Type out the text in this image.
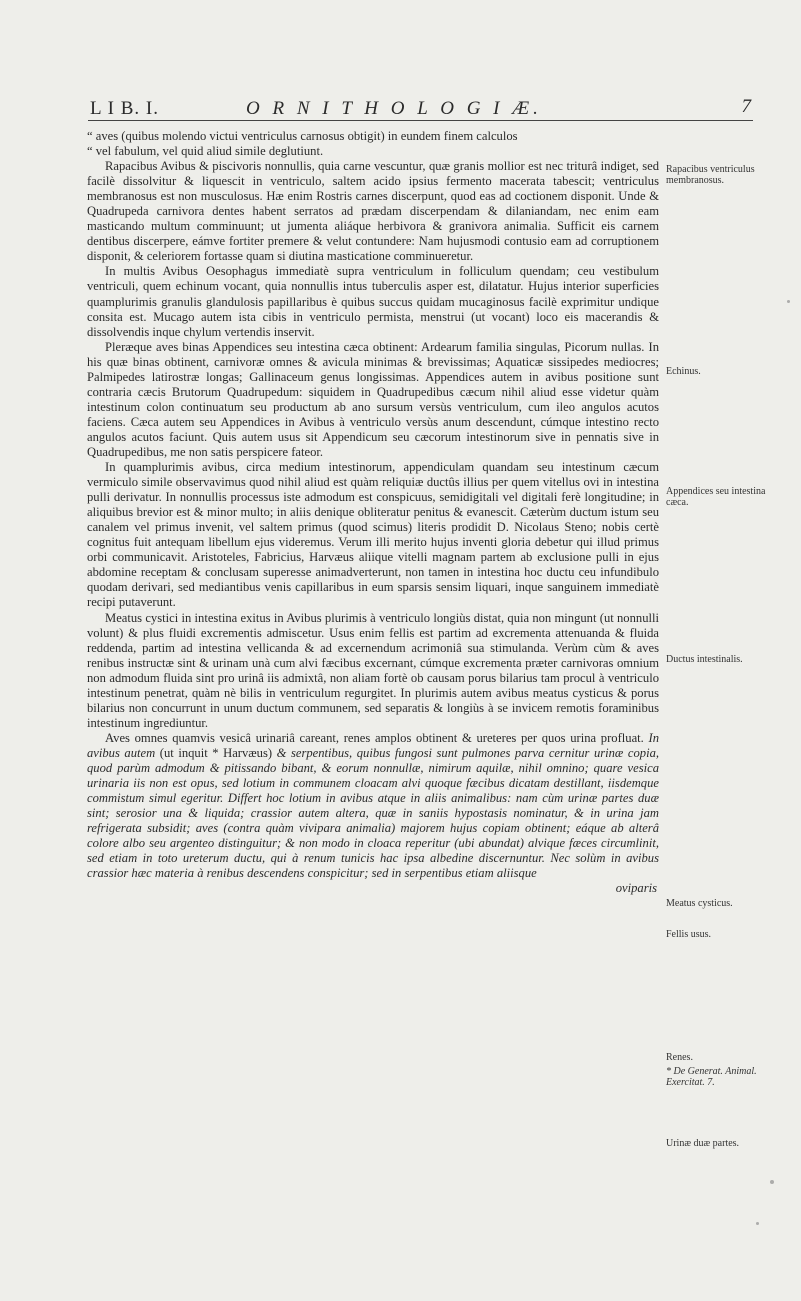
L I B. I.	O R N I T H O L O G I Æ.	7

“ aves (quibus molendo victui ventriculus carnosus obtigit) in eundem finem calculos

“ vel fabulum, vel quid aliud simile deglutiunt.

Rapacibus Avibus & piscivoris nonnullis, quia carne vescuntur, quæ granis mollior est nec triturâ indiget, sed facilè dissolvitur & liquescit in ventriculo, saltem acido ipsius fermento macerata tabescit; ventriculus membranosus est non musculosus. Hæ enim Rostris carnes discerpunt, quod eas ad coctionem disponit. Unde & Quadrupeda carnivora dentes habent serratos ad prædam discerpendam & dilaniandam, nec enim eam masticando multum comminuunt; ut jumenta aliáque herbivora & granivora animalia. Sufficit eis carnem dentibus discerpere, eámve fortiter premere & velut contundere: Nam hujusmodi contusio eam ad corruptionem disponit, & celeriorem fortasse quam si diutina masticatione comminueretur.

In multis Avibus Oesophagus immediatè supra ventriculum in folliculum quendam; ceu vestibulum ventriculi, quem echinum vocant, quia nonnullis intus tuberculis asper est, dilatatur. Hujus interior superficies quamplurimis granulis glandulosis papillaribus è quibus succus quidam mucaginosus facilè exprimitur undique consita est. Mucago autem ista cibis in ventriculo permista, menstrui (ut vocant) loco eis macerandis & dissolvendis inque chylum vertendis inservit.

Pleræque aves binas Appendices seu intestina cæca obtinent: Ardearum familia singulas, Picorum nullas. In his quæ binas obtinent, carnivoræ omnes & avicula minimas & brevissimas; Aquaticæ sissipedes mediocres; Palmipedes latirostræ longas; Gallinaceum genus longissimas. Appendices autem in avibus positione sunt contraria cæcis Brutorum Quadrupedum: siquidem in Quadrupedibus cæcum nihil aliud esse videtur quàm intestinum colon continuatum seu productum ab ano sursum versùs ventriculum, cum ileo angulos acutos faciens. Cæca autem seu Appendices in Avibus à ventriculo versùs anum descendunt, cúmque intestino recto angulos acutos faciunt. Quis autem usus sit Appendicum seu cæcorum intestinorum sive in pennatis sive in Quadrupedibus, me non satis perspicere fateor.

In quamplurimis avibus, circa medium intestinorum, appendiculam quandam seu intestinum cæcum vermiculo simile observavimus quod nihil aliud est quàm reliquiæ ductûs illius per quem vitellus ovi in intestina pulli derivatur. In nonnullis processus iste admodum est conspicuus, semidigitali vel digitali ferè longitudine; in aliquibus brevior est & minor multo; in aliis denique obliteratur penitus & evanescit. Cæterùm ductum istum seu canalem vel primus invenit, vel saltem primus (quod scimus) literis prodidit D. Nicolaus Steno; nobis certè cognitus fuit antequam libellum ejus videremus. Verum illi merito hujus inventi gloria debetur qui illud primus orbi communicavit. Aristoteles, Fabricius, Harvæus aliique vitelli magnam partem ab exclusione pulli in ejus abdomine receptam & conclusam superesse animadverterunt, non tamen in intestina hoc ductu ceu infundibulo quodam derivari, sed mediantibus venis capillaribus in eum sparsis sensim liquari, inque sanguinem immediatè recipi putaverunt.

Meatus cystici in intestina exitus in Avibus plurimis à ventriculo longiùs distat, quia non mingunt (ut nonnulli volunt) & plus fluidi excrementis admiscetur. Usus enim fellis est partim ad excrementa attenuanda & fluida reddenda, partim ad intestina vellicanda & ad excernendum acrimoniâ sua stimulanda. Verùm cùm & aves renibus instructæ sint & urinam unà cum alvi fæcibus excernant, cúmque excrementa præter carnivoras omnium non admodum fluida sint pro urinâ iis admixtâ, non aliam fortè ob causam porus bilarius tam procul à ventriculo intestinum penetrat, quàm nè bilis in ventriculum regurgitet. In plurimis autem avibus meatus cysticus & porus bilarius non concurrunt in unum ductum communem, sed separatis & longiùs à se invicem remotis foraminibus intestinum ingrediuntur.

Aves omnes quamvis vesicâ urinariâ careant, renes amplos obtinent & ureteres per quos urina profluat. In avibus autem (ut inquit * Harvæus) & serpentibus, quibus fungosi sunt pulmones parva cernitur urinæ copia, quod parùm admodum & pitissando bibant, & eorum nonnullæ, nimirum aquilæ, nihil omnino; quare vesica urinaria iis non est opus, sed lotium in communem cloacam alvi quoque fæcibus dicatam destillant, iisdemque commistum simul egeritur. Differt hoc lotium in avibus atque in aliis animalibus: nam cùm urinæ partes duæ sint; serosior una & liquida; crassior autem altera, quæ in saniis hypostasis nominatur, & in urina jam refrigerata subsidit; aves (contra quàm vivipara animalia) majorem hujus copiam obtinent; eáque ab alterâ colore albo seu argenteo distinguitur; & non modo in cloaca reperitur (ubi abundat) alvique fæces circumlinit, sed etiam in toto ureterum ductu, qui à renum tunicis hac ipsa albedine discernuntur. Nec solùm in avibus crassior hæc materia à renibus descendens conspicitur; sed in serpentibus etiam aliisque

oviparis

Rapacibus ventriculus membranosus.
Echinus.
Appendices seu intestina cæca.
Ductus intestinalis.
Meatus cysticus.
Fellis usus.
Renes.
* De Generat. Animal. Exercitat. 7.
Urinæ duæ partes.
